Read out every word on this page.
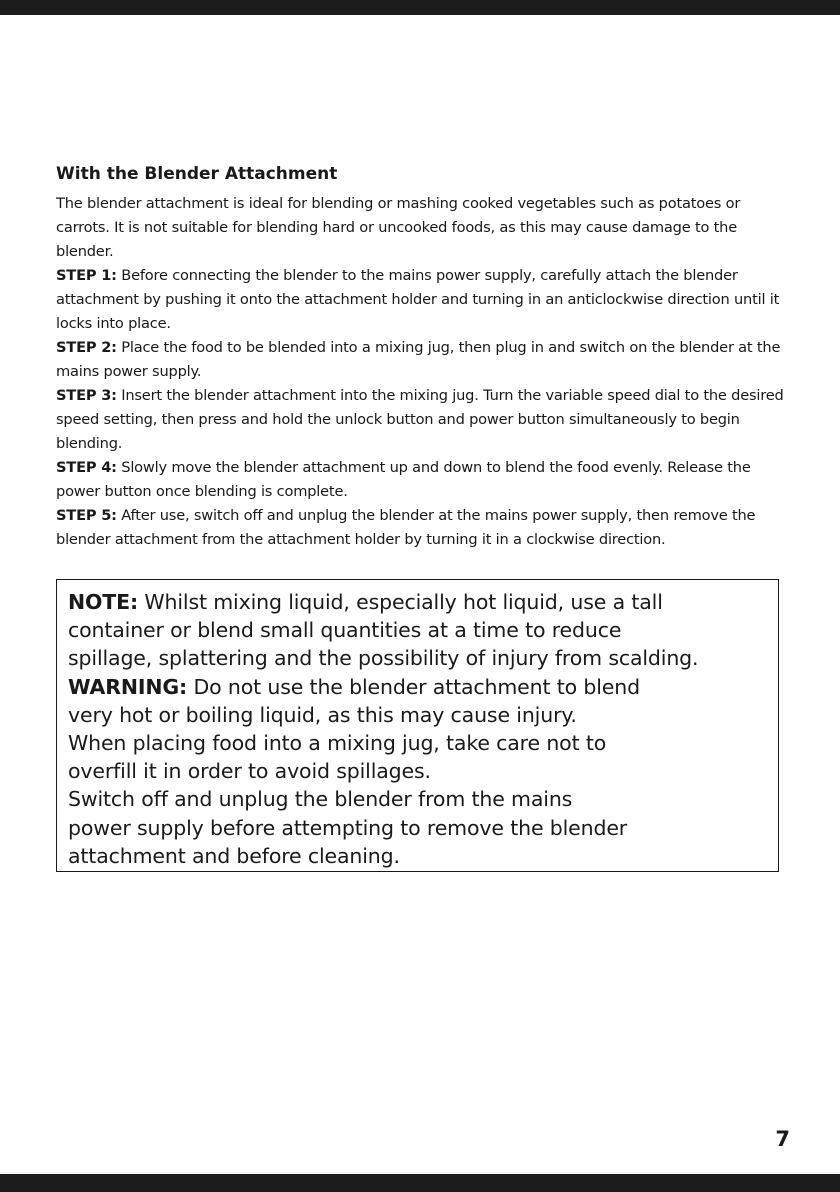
With the Blender Attachment

The blender attachment is ideal for blending or mashing cooked vegetables such as potatoes or carrots. It is not suitable for blending hard or uncooked foods, as this may cause damage to the blender.

STEP 1: Before connecting the blender to the mains power supply, carefully attach the blender attachment by pushing it onto the attachment holder and turning in an anticlockwise direction until it locks into place.

STEP 2: Place the food to be blended into a mixing jug, then plug in and switch on the blender at the mains power supply.

STEP 3: Insert the blender attachment into the mixing jug. Turn the variable speed dial to the desired speed setting, then press and hold the unlock button and power button simultaneously to begin blending.

STEP 4: Slowly move the blender attachment up and down to blend the food evenly. Release the power button once blending is complete.

STEP 5: After use, switch off and unplug the blender at the mains power supply, then remove the blender attachment from the attachment holder by turning it in a clockwise direction.

NOTE: Whilst mixing liquid, especially hot liquid, use a tall

container or blend small quantities at a time to reduce

spillage, splattering and the possibility of injury from scalding.

WARNING: Do not use the blender attachment to blend

very hot or boiling liquid, as this may cause injury.

When placing food into a mixing jug, take care not to

overfill it in order to avoid spillages.

Switch off and unplug the blender from the mains

power supply before attempting to remove the blender

attachment and before cleaning.

7
